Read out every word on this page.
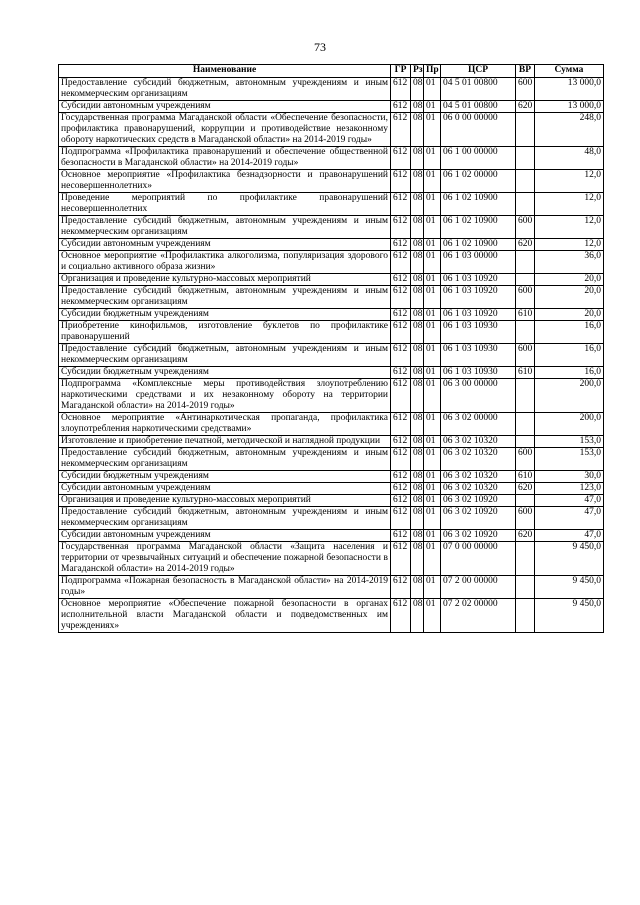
73
Наименование	ГР	Рз	Пр	ЦСР	ВР	Сумма
Предоставление субсидий бюджетным, автономным учреждениям и иным некоммерческим организациям	612	08	01	04 5 01 00800	600	13 000,0
Субсидии автономным учреждениям	612	08	01	04 5 01 00800	620	13 000,0
Государственная программа Магаданской области «Обеспечение безопасности, профилактика правонарушений, коррупции и противодействие незаконному обороту наркотических средств в Магаданской области» на 2014-2019 годы»	612	08	01	06 0 00 00000		248,0
Подпрограмма «Профилактика правонарушений и обеспечение общественной безопасности в Магаданской области» на 2014-2019 годы»	612	08	01	06 1 00 00000		48,0
Основное мероприятие «Профилактика безнадзорности и правонарушений несовершеннолетних»	612	08	01	06 1 02 00000		12,0
Проведение мероприятий по профилактике правонарушений несовершеннолетних	612	08	01	06 1 02 10900		12,0
Предоставление субсидий бюджетным, автономным учреждениям и иным некоммерческим организациям	612	08	01	06 1 02 10900	600	12,0
Субсидии автономным учреждениям	612	08	01	06 1 02 10900	620	12,0
Основное мероприятие «Профилактика алкоголизма, популяризация здорового и социально активного образа жизни»	612	08	01	06 1 03 00000		36,0
Организация и проведение культурно-массовых мероприятий	612	08	01	06 1 03 10920		20,0
Предоставление субсидий бюджетным, автономным учреждениям и иным некоммерческим организациям	612	08	01	06 1 03 10920	600	20,0
Субсидии бюджетным учреждениям	612	08	01	06 1 03 10920	610	20,0
Приобретение кинофильмов, изготовление буклетов по профилактике правонарушений	612	08	01	06 1 03 10930		16,0
Предоставление субсидий бюджетным, автономным учреждениям и иным некоммерческим организациям	612	08	01	06 1 03 10930	600	16,0
Субсидии бюджетным учреждениям	612	08	01	06 1 03 10930	610	16,0
Подпрограмма «Комплексные меры противодействия злоупотреблению наркотическими средствами и их незаконному обороту на территории Магаданской области» на 2014-2019 годы»	612	08	01	06 3 00 00000		200,0
Основное мероприятие «Антинаркотическая пропаганда, профилактика злоупотребления наркотическими средствами»	612	08	01	06 3 02 00000		200,0
Изготовление и приобретение печатной, методической и наглядной продукции	612	08	01	06 3 02 10320		153,0
Предоставление субсидий бюджетным, автономным учреждениям и иным некоммерческим организациям	612	08	01	06 3 02 10320	600	153,0
Субсидии бюджетным учреждениям	612	08	01	06 3 02 10320	610	30,0
Субсидии автономным учреждениям	612	08	01	06 3 02 10320	620	123,0
Организация и проведение культурно-массовых мероприятий	612	08	01	06 3 02 10920		47,0
Предоставление субсидий бюджетным, автономным учреждениям и иным некоммерческим организациям	612	08	01	06 3 02 10920	600	47,0
Субсидии автономным учреждениям	612	08	01	06 3 02 10920	620	47,0
Государственная программа Магаданской области «Защита населения и территории от чрезвычайных ситуаций и обеспечение пожарной безопасности в Магаданской области» на 2014-2019 годы»	612	08	01	07 0 00 00000		9 450,0
Подпрограмма «Пожарная безопасность в Магаданской области» на 2014-2019 годы»	612	08	01	07 2 00 00000		9 450,0
Основное мероприятие «Обеспечение пожарной безопасности в органах исполнительной власти Магаданской области и подведомственных им учреждениях»	612	08	01	07 2 02 00000		9 450,0
